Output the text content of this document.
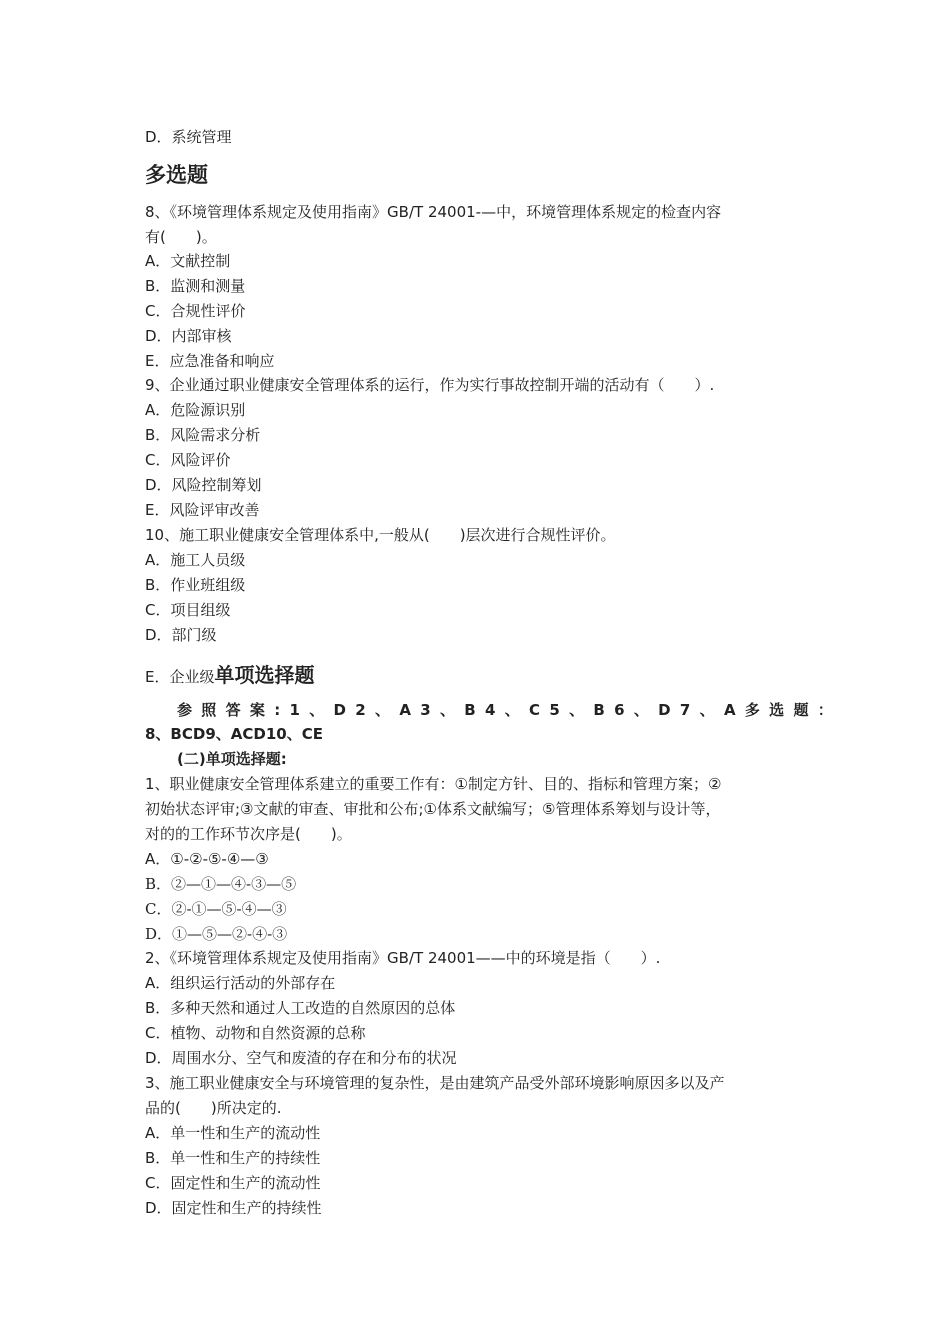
D．系统管理
多选题
8、《环境管理体系规定及使用指南》GB/T 24001-—中，环境管理体系规定的检查内容
有(　　)。
A．文献控制
B．监测和测量
C．合规性评价
D．内部审核
E．应急准备和响应
9、企业通过职业健康安全管理体系的运行，作为实行事故控制开端的活动有（　　）.
A．危险源识别
B．风险需求分析
C．风险评价
D．风险控制筹划
E．风险评审改善
10、施工职业健康安全管理体系中,一般从(　　)层次进行合规性评价。
A．施工人员级
B．作业班组级
C．项目组级
D．部门级
E．企业级单项选择题
参照答案:1、D2、A3、B4、C5、B6、D7、A多选题：
8、BCD9、ACD10、CE
(二)单项选择题:
1、职业健康安全管理体系建立的重要工作有：①制定方针、目的、指标和管理方案；②
初始状态评审;③文献的审查、审批和公布;①体系文献编写；⑤管理体系筹划与设计等，
对的的工作环节次序是(　　)。
A．①-②-⑤-④—③
B．②—①—④-③—⑤
C．②-①—⑤-④—③
D．①—⑤—②-④-③
2、《环境管理体系规定及使用指南》GB/T 24001——中的环境是指（　　）.
A．组织运行活动的外部存在
B．多种天然和通过人工改造的自然原因的总体
C．植物、动物和自然资源的总称
D．周围水分、空气和废渣的存在和分布的状况
3、施工职业健康安全与环境管理的复杂性，是由建筑产品受外部环境影响原因多以及产
品的(　　)所决定的.
A．单一性和生产的流动性
B．单一性和生产的持续性
C．固定性和生产的流动性
D．固定性和生产的持续性
